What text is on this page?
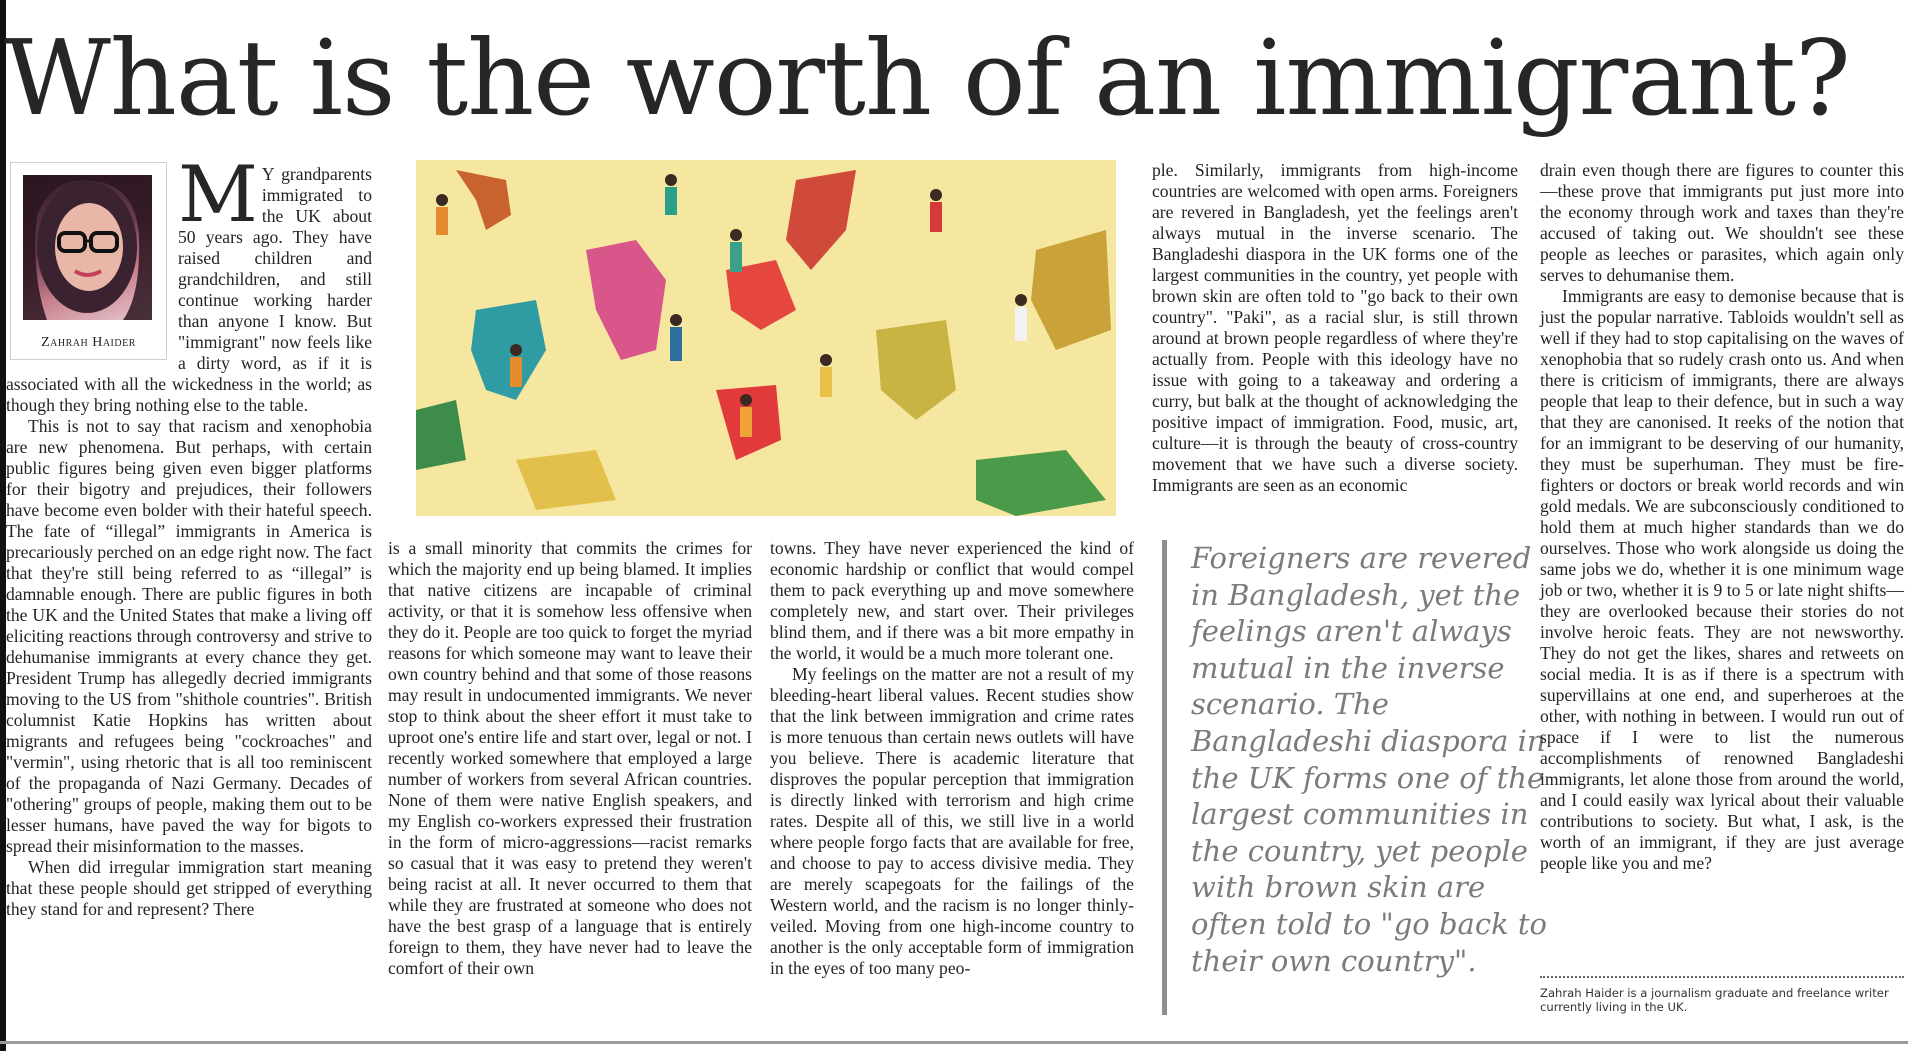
What is the worth of an immigrant?
Zahrah Haider

M Y grandparents immigrated to the UK about 50 years ago. They have raised children and grandchildren, and still continue working harder than anyone I know. But "immigrant" now feels like a dirty word, as if it is associated with all the wickedness in the world; as though they bring nothing else to the table.

This is not to say that racism and xenophobia are new phenomena. But perhaps, with certain public figures being given even bigger platforms for their bigotry and prejudices, their followers have become even bolder with their hateful speech. The fate of “illegal” immigrants in America is precariously perched on an edge right now. The fact that they're still being referred to as “illegal” is damnable enough. There are public figures in both the UK and the United States that make a living off eliciting reactions through controversy and strive to dehumanise immigrants at every chance they get. President Trump has allegedly decried immigrants moving to the US from "shithole countries". British columnist Katie Hopkins has written about migrants and refugees being "cockroaches" and "vermin", using rhetoric that is all too reminiscent of the propaganda of Nazi Germany. Decades of "othering" groups of people, making them out to be lesser humans, have paved the way for bigots to spread their misinformation to the masses.

When did irregular immigration start meaning that these people should get stripped of everything they stand for and represent? There

is a small minority that commits the crimes for which the majority end up being blamed. It implies that native citizens are incapable of criminal activity, or that it is somehow less offensive when they do it. People are too quick to forget the myriad reasons for which someone may want to leave their own country behind and that some of those reasons may result in undocumented immigrants. We never stop to think about the sheer effort it must take to uproot one's entire life and start over, legal or not. I recently worked somewhere that employed a large number of workers from several African countries. None of them were native English speakers, and my English co-workers expressed their frustration in the form of micro-aggressions—racist remarks so casual that it was easy to pretend they weren't being racist at all. It never occurred to them that while they are frustrated at someone who does not have the best grasp of a language that is entirely foreign to them, they have never had to leave the comfort of their own

towns. They have never experienced the kind of economic hardship or conflict that would compel them to pack everything up and move somewhere completely new, and start over. Their privileges blind them, and if there was a bit more empathy in the world, it would be a much more tolerant one.

My feelings on the matter are not a result of my bleeding-heart liberal values. Recent studies show that the link between immigration and crime rates is more tenuous than certain news outlets will have you believe. There is academic literature that disproves the popular perception that immigration is directly linked with terrorism and high crime rates. Despite all of this, we still live in a world where people forgo facts that are available for free, and choose to pay to access divisive media. They are merely scapegoats for the failings of the Western world, and the racism is no longer thinly-veiled. Moving from one high-income country to another is the only acceptable form of immigration in the eyes of too many peo-

ple. Similarly, immigrants from high-income countries are welcomed with open arms. Foreigners are revered in Bangladesh, yet the feelings aren't always mutual in the inverse scenario. The Bangladeshi diaspora in the UK forms one of the largest communities in the country, yet people with brown skin are often told to "go back to their own country". "Paki", as a racial slur, is still thrown around at brown people regardless of where they're actually from. People with this ideology have no issue with going to a takeaway and ordering a curry, but balk at the thought of acknowledging the positive impact of immigration. Food, music, art, culture—it is through the beauty of cross-country movement that we have such a diverse society. Immigrants are seen as an economic

Foreigners are revered in Bangladesh, yet the feelings aren't always mutual in the inverse scenario. The Bangladeshi diaspora in the UK forms one of the largest communities in the country, yet people with brown skin are often told to "go back to their own country".

drain even though there are figures to counter this—these prove that immigrants put just more into the economy through work and taxes than they're accused of taking out. We shouldn't see these people as leeches or parasites, which again only serves to dehumanise them.

Immigrants are easy to demonise because that is just the popular narrative. Tabloids wouldn't sell as well if they had to stop capitalising on the waves of xenophobia that so rudely crash onto us. And when there is criticism of immigrants, there are always people that leap to their defence, but in such a way that they are canonised. It reeks of the notion that for an immigrant to be deserving of our humanity, they must be superhuman. They must be fire-fighters or doctors or break world records and win gold medals. We are subconsciously conditioned to hold them at much higher standards than we do ourselves. Those who work alongside us doing the same jobs we do, whether it is one minimum wage job or two, whether it is 9 to 5 or late night shifts—they are overlooked because their stories do not involve heroic feats. They are not newsworthy. They do not get the likes, shares and retweets on social media. It is as if there is a spectrum with supervillains at one end, and superheroes at the other, with nothing in between. I would run out of space if I were to list the numerous accomplishments of renowned Bangladeshi immigrants, let alone those from around the world, and I could easily wax lyrical about their valuable contributions to society. But what, I ask, is the worth of an immigrant, if they are just average people like you and me?

Zahrah Haider is a journalism graduate and freelance writer currently living in the UK.
